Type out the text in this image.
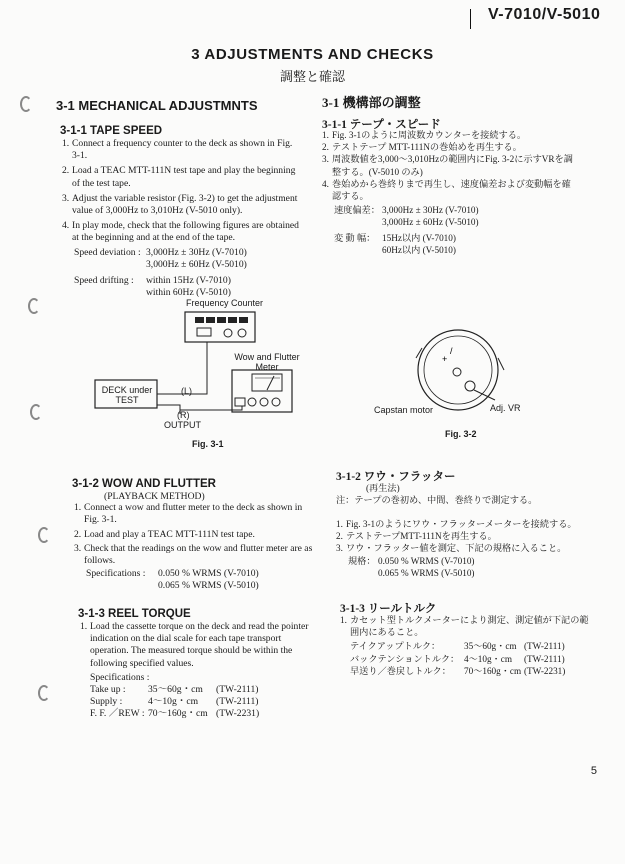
V-7010/V-5010
3 ADJUSTMENTS AND CHECKS
調整と確認
3-1 MECHANICAL ADJUSTMNTS
3-1-1 TAPE SPEED
1. Connect a frequency counter to the deck as shown in Fig. 3-1.
2. Load a TEAC MTT-111N test tape and play the beginning of the test tape.
3. Adjust the variable resistor (Fig. 3-2) to get the adjustment value of 3,000Hz to 3,010Hz (V-5010 only).
4. In play mode, check that the following figures are obtained at the beginning and at the end of the tape.
Speed deviation : 3,000Hz ± 30Hz (V-7010)
3,000Hz ± 60Hz (V-5010)
Speed drifting : within 15Hz (V-7010)
within 60Hz (V-5010)
3-1 機構部の調整
3-1-1 テープ・スピード
1. Fig. 3-1のように周波数カウンターを接続する。
2. テストテープ MTT-111Nの巻始めを再生する。
3. 周波数値を3,000～3,010Hzの範囲内にFig. 3-2に示すVRを調整する。(V-5010 のみ)
4. 巻始めから巻終りまで再生し、速度偏差および変動幅を確認する。
速度偏差： 3,000Hz ± 30Hz (V-7010)
3,000Hz ± 60Hz (V-5010)
変 動 幅： 15Hz以内 (V-7010)
60Hz以内 (V-5010)
Frequency Counter
Wow and Flutter Meter
DECK under TEST
(L)
(R)
OUTPUT
Fig. 3-1
+
/
Capstan motor	Adj. VR
Fig. 3-2
3-1-2 WOW AND FLUTTER
(PLAYBACK METHOD)
1. Connect a wow and flutter meter to the deck as shown in Fig. 3-1.
2. Load and play a TEAC MTT-111N test tape.
3. Check that the readings on the wow and flutter meter are as follows.
Specifications : 0.050 % WRMS (V-7010)
0.065 % WRMS (V-5010)
3-1-2 ワウ・フラッター
(再生法)
注：テープの巻初め、中間、巻終りで測定する。
1. Fig. 3-1のようにワウ・フラッターメーターを接続する。
2. テストテープMTT-111Nを再生する。
3. ワウ・フラッター値を測定、下記の規格に入ること。
規格： 0.050 % WRMS (V-7010)
0.065 % WRMS (V-5010)
3-1-3 REEL TORQUE
1. Load the cassette torque on the deck and read the pointer indication on the dial scale for each tape transport operation. The measured torque should be within the following specified values.
Specifications :
Take up : 35～60g・cm (TW-2111)
Supply :	4～10g・cm (TW-2111)
F. F. ／REW : 70～160g・cm (TW-2231)
3-1-3 リールトルク
1. カセット型トルクメーターにより測定、測定値が下記の範囲内にあること。
テイクアップトルク：	35～60g・cm (TW-2111)
バックテンショントルク： 4～10g・cm (TW-2111)
早送り／巻戻しトルク： 70～160g・cm (TW-2231)
5
